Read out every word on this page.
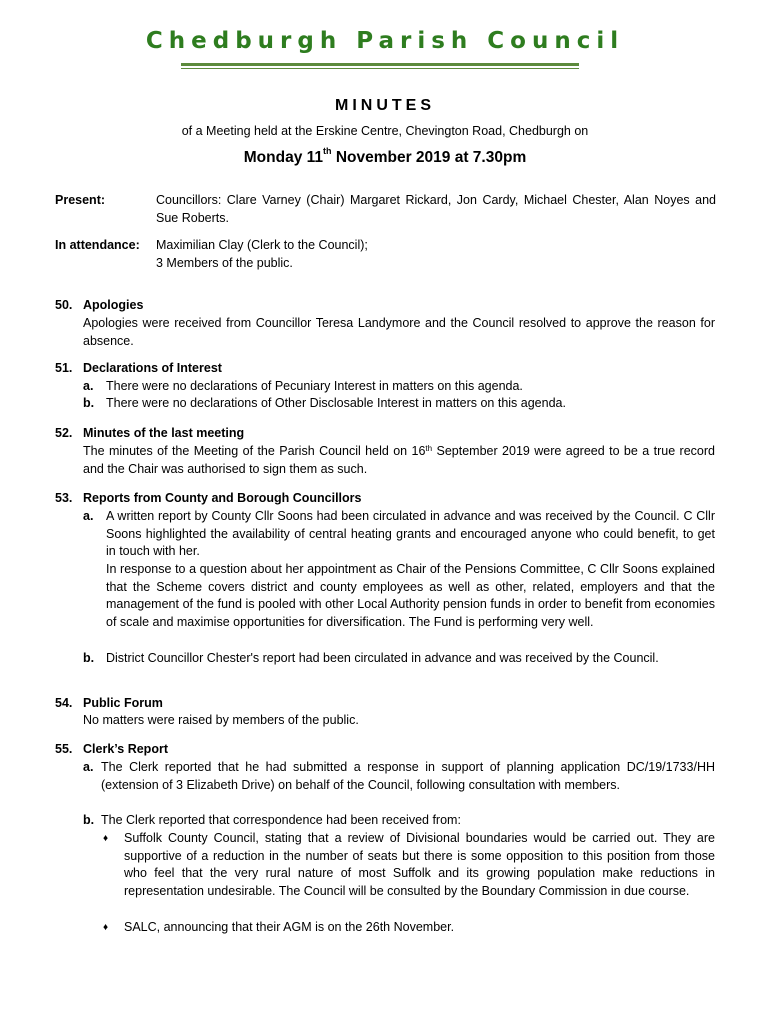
Chedburgh Parish Council
MINUTES
of a Meeting held at the Erskine Centre, Chevington Road, Chedburgh on
Monday 11th November 2019 at 7.30pm
Present:	Councillors: Clare Varney (Chair) Margaret Rickard, Jon Cardy, Michael Chester, Alan Noyes and Sue Roberts.
In attendance: Maximilian Clay (Clerk to the Council);
3 Members of the public.
50. Apologies
Apologies were received from Councillor Teresa Landymore and the Council resolved to approve the reason for absence.
51. Declarations of Interest
a. There were no declarations of Pecuniary Interest in matters on this agenda.
b. There were no declarations of Other Disclosable Interest in matters on this agenda.
52. Minutes of the last meeting
The minutes of the Meeting of the Parish Council held on 16th September 2019 were agreed to be a true record and the Chair was authorised to sign them as such.
53. Reports from County and Borough Councillors
a. A written report by County Cllr Soons had been circulated in advance and was received by the Council. C Cllr Soons highlighted the availability of central heating grants and encouraged anyone who could benefit, to get in touch with her.
In response to a question about her appointment as Chair of the Pensions Committee, C Cllr Soons explained that the Scheme covers district and county employees as well as other, related, employers and that the management of the fund is pooled with other Local Authority pension funds in order to benefit from economies of scale and maximise opportunities for diversification. The Fund is performing very well.
b. District Councillor Chester's report had been circulated in advance and was received by the Council.
54. Public Forum
No matters were raised by members of the public.
55. Clerk’s Report
a. The Clerk reported that he had submitted a response in support of planning application DC/19/1733/HH (extension of 3 Elizabeth Drive) on behalf of the Council, following consultation with members.
b. The Clerk reported that correspondence had been received from:
♦ Suffolk County Council, stating that a review of Divisional boundaries would be carried out. They are supportive of a reduction in the number of seats but there is some opposition to this position from those who feel that the very rural nature of most Suffolk and its growing population make reductions in representation undesirable. The Council will be consulted by the Boundary Commission in due course.
♦ SALC, announcing that their AGM is on the 26th November.
